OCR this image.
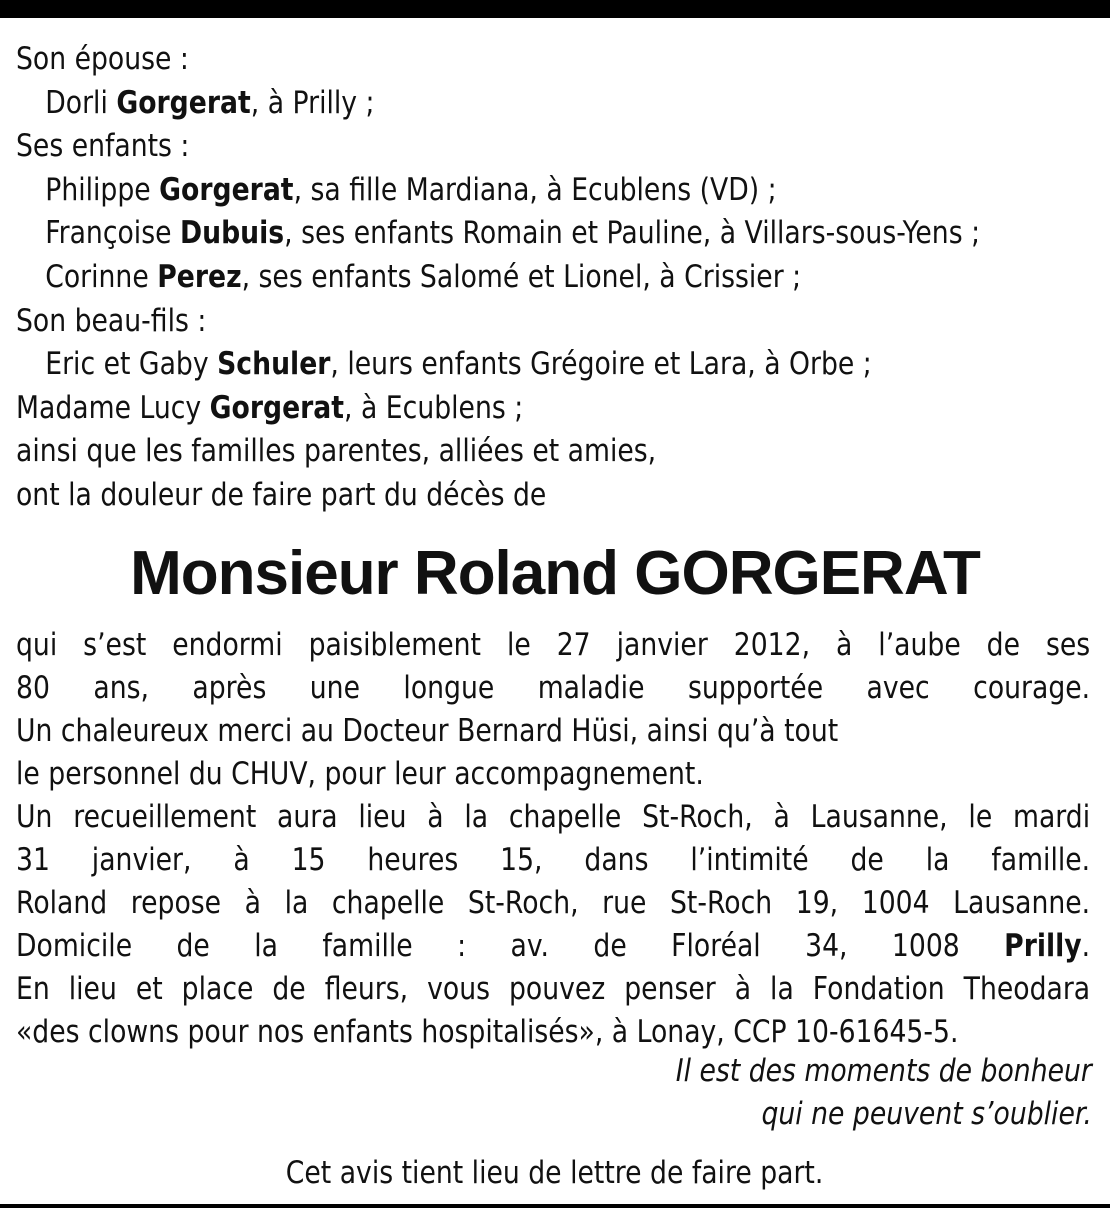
Son épouse :
Dorli Gorgerat, à Prilly ;
Ses enfants :
Philippe Gorgerat, sa fille Mardiana, à Ecublens (VD) ;
Françoise Dubuis, ses enfants Romain et Pauline, à Villars-sous-Yens ;
Corinne Perez, ses enfants Salomé et Lionel, à Crissier ;
Son beau-fils :
Eric et Gaby Schuler, leurs enfants Grégoire et Lara, à Orbe ;
Madame Lucy Gorgerat, à Ecublens ;
ainsi que les familles parentes, alliées et amies,
ont la douleur de faire part du décès de
Monsieur Roland GORGERAT
qui s’est endormi paisiblement le 27 janvier 2012, à l’aube de ses
80 ans, après une longue maladie supportée avec courage.
Un chaleureux merci au Docteur Bernard Hüsi, ainsi qu’à tout
le personnel du CHUV, pour leur accompagnement.
Un recueillement aura lieu à la chapelle St-Roch, à Lausanne, le mardi
31 janvier, à 15 heures 15, dans l’intimité de la famille.
Roland repose à la chapelle St-Roch, rue St-Roch 19, 1004 Lausanne.
Domicile de la famille : av. de Floréal 34, 1008 Prilly.
En lieu et place de fleurs, vous pouvez penser à la Fondation Theodara
«des clowns pour nos enfants hospitalisés», à Lonay, CCP 10-61645-5.
Il est des moments de bonheur
qui ne peuvent s’oublier.
Cet avis tient lieu de lettre de faire part.
